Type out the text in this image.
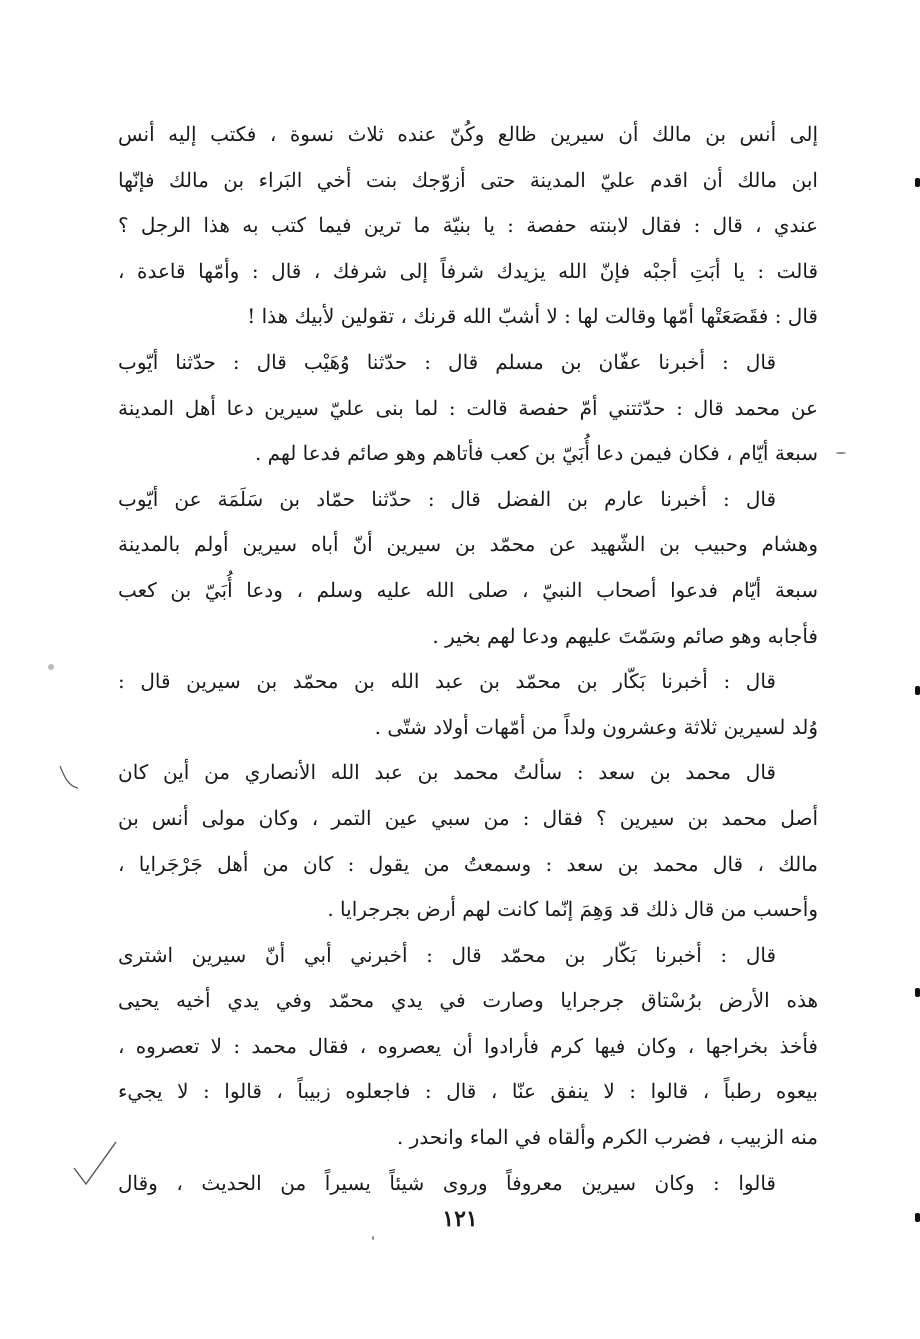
إلى أنس بن مالك أن سيرين ظالع وكُنّ عنده ثلاث نسوة ، فكتب إليه أنس
ابن مالك أن اقدم عليّ المدينة حتى أزوّجك بنت أخي البَراء بن مالك فإنّها
عندي ، قال : فقال لابنته حفصة : يا بنيّة ما ترين فيما كتب به هذا الرجل ؟
قالت : يا أبَتِ أجبْه فإنّ الله يزيدك شرفاً إلى شرفك ، قال : وأمّها قاعدة ،
قال : فقَصَعَتْها أمّها وقالت لها : لا أشبّ الله قرنك ، تقولين لأبيك هذا !
قال : أخبرنا عفّان بن مسلم قال : حدّثنا وُهَيْب قال : حدّثنا أيّوب
عن محمد قال : حدّثتني أمّ حفصة قالت : لما بنى عليّ سيرين دعا أهل المدينة
سبعة أيّام ، فكان فيمن دعا أُبَيّ بن كعب فأتاهم وهو صائم فدعا لهم .
قال : أخبرنا عارم بن الفضل قال : حدّثنا حمّاد بن سَلَمَة عن أيّوب
وهشام وحبيب بن الشّهيد عن محمّد بن سيرين أنّ أباه سيرين أولم بالمدينة
سبعة أيّام فدعوا أصحاب النبيّ ، صلى الله عليه وسلم ، ودعا أُبَيّ بن كعب
فأجابه وهو صائم وسَمّتَ عليهم ودعا لهم بخير .
قال : أخبرنا بَكّار بن محمّد بن عبد الله بن محمّد بن سيرين قال :
وُلد لسيرين ثلاثة وعشرون ولداً من أمّهات أولاد شتّى .
قال محمد بن سعد : سألتُ محمد بن عبد الله الأنصاري من أين كان
أصل محمد بن سيرين ؟ فقال : من سبي عين التمر ، وكان مولى أنس بن
مالك ، قال محمد بن سعد : وسمعتُ من يقول : كان من أهل جَرْجَرايا ،
وأحسب من قال ذلك قد وَهِمَ إنّما كانت لهم أرض بجرجرايا .
قال : أخبرنا بَكّار بن محمّد قال : أخبرني أبي أنّ سيرين اشترى
هذه الأرض برُسْتاق جرجرايا وصارت في يدي محمّد وفي يدي أخيه يحيى
فأخذ بخراجها ، وكان فيها كرم فأرادوا أن يعصروه ، فقال محمد : لا تعصروه ،
بيعوه رطباً ، قالوا : لا ينفق عنّا ، قال : فاجعلوه زبيباً ، قالوا : لا يجيء
منه الزبيب ، فضرب الكرم وألقاه في الماء وانحدر .
قالوا : وكان سيرين معروفاً وروى شيئاً يسيراً من الحديث ، وقال
١٢١
